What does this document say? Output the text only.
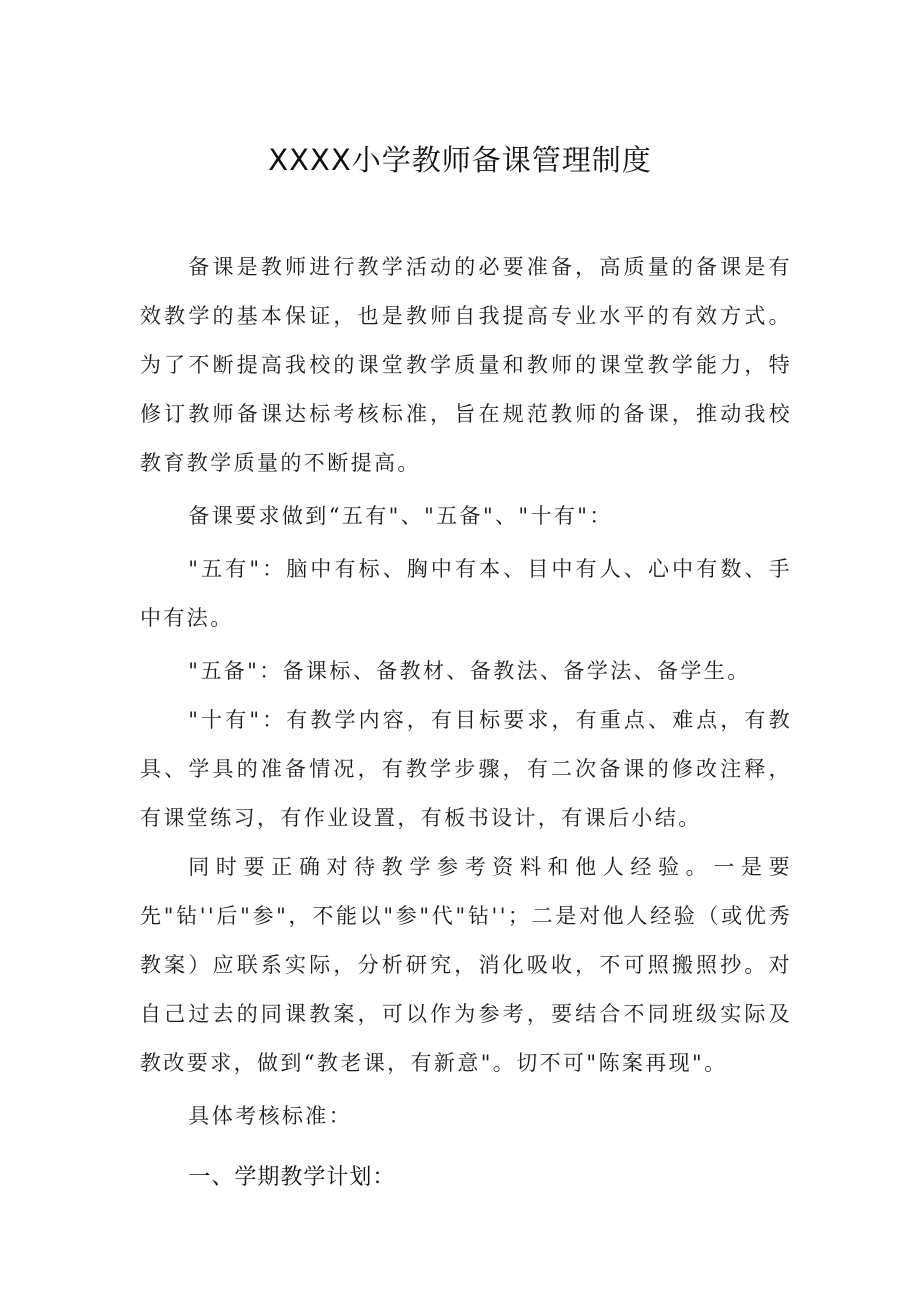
XXXX小学教师备课管理制度

备课是教师进行教学活动的必要准备，高质量的备课是有效教学的基本保证，也是教师自我提高专业水平的有效方式。为了不断提高我校的课堂教学质量和教师的课堂教学能力，特修订教师备课达标考核标准，旨在规范教师的备课，推动我校教育教学质量的不断提高。

备课要求做到“五有"、"五备"、"十有"：

"五有"：脑中有标、胸中有本、目中有人、心中有数、手中有法。

"五备"：备课标、备教材、备教法、备学法、备学生。

"十有"：有教学内容，有目标要求，有重点、难点，有教具、学具的准备情况，有教学步骤，有二次备课的修改注释，有课堂练习，有作业设置，有板书设计，有课后小结。

同时要正确对待教学参考资料和他人经验。一是要先"钻''后"参"，不能以"参"代"钻''；二是对他人经验（或优秀教案）应联系实际，分析研究，消化吸收，不可照搬照抄。对自己过去的同课教案，可以作为参考，要结合不同班级实际及教改要求，做到“教老课，有新意"。切不可"陈案再现"。

具体考核标准：

一、学期教学计划：
